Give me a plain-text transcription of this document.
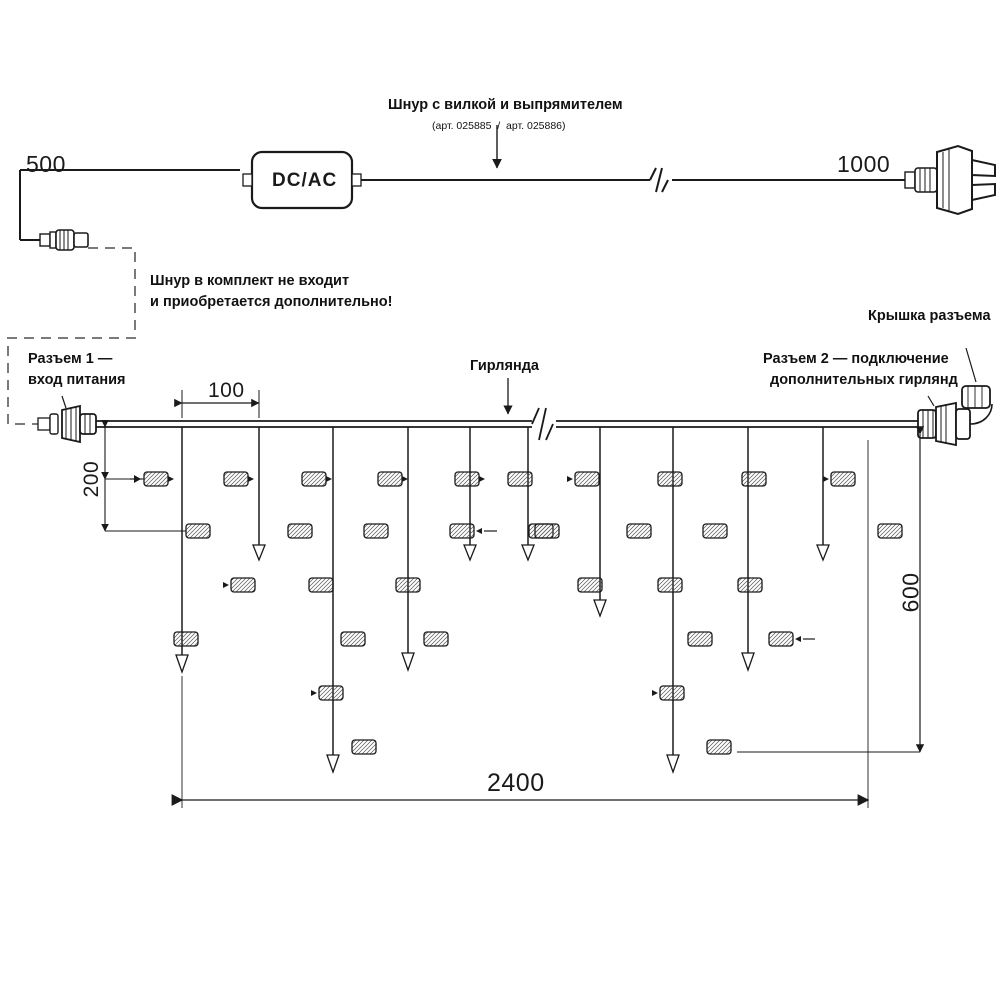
Шнур с вилкой и выпрямителем
(арт. 025885  /  арт. 025886)
500	1000
DC/AC
Шнур в комплект не входит
и приобретается дополнительно!
Разъем 1 —
вход питания
Разъем 2 — подключение
дополнительных гирлянд
Крышка разъема
Гирлянда
100
200
600
2400
